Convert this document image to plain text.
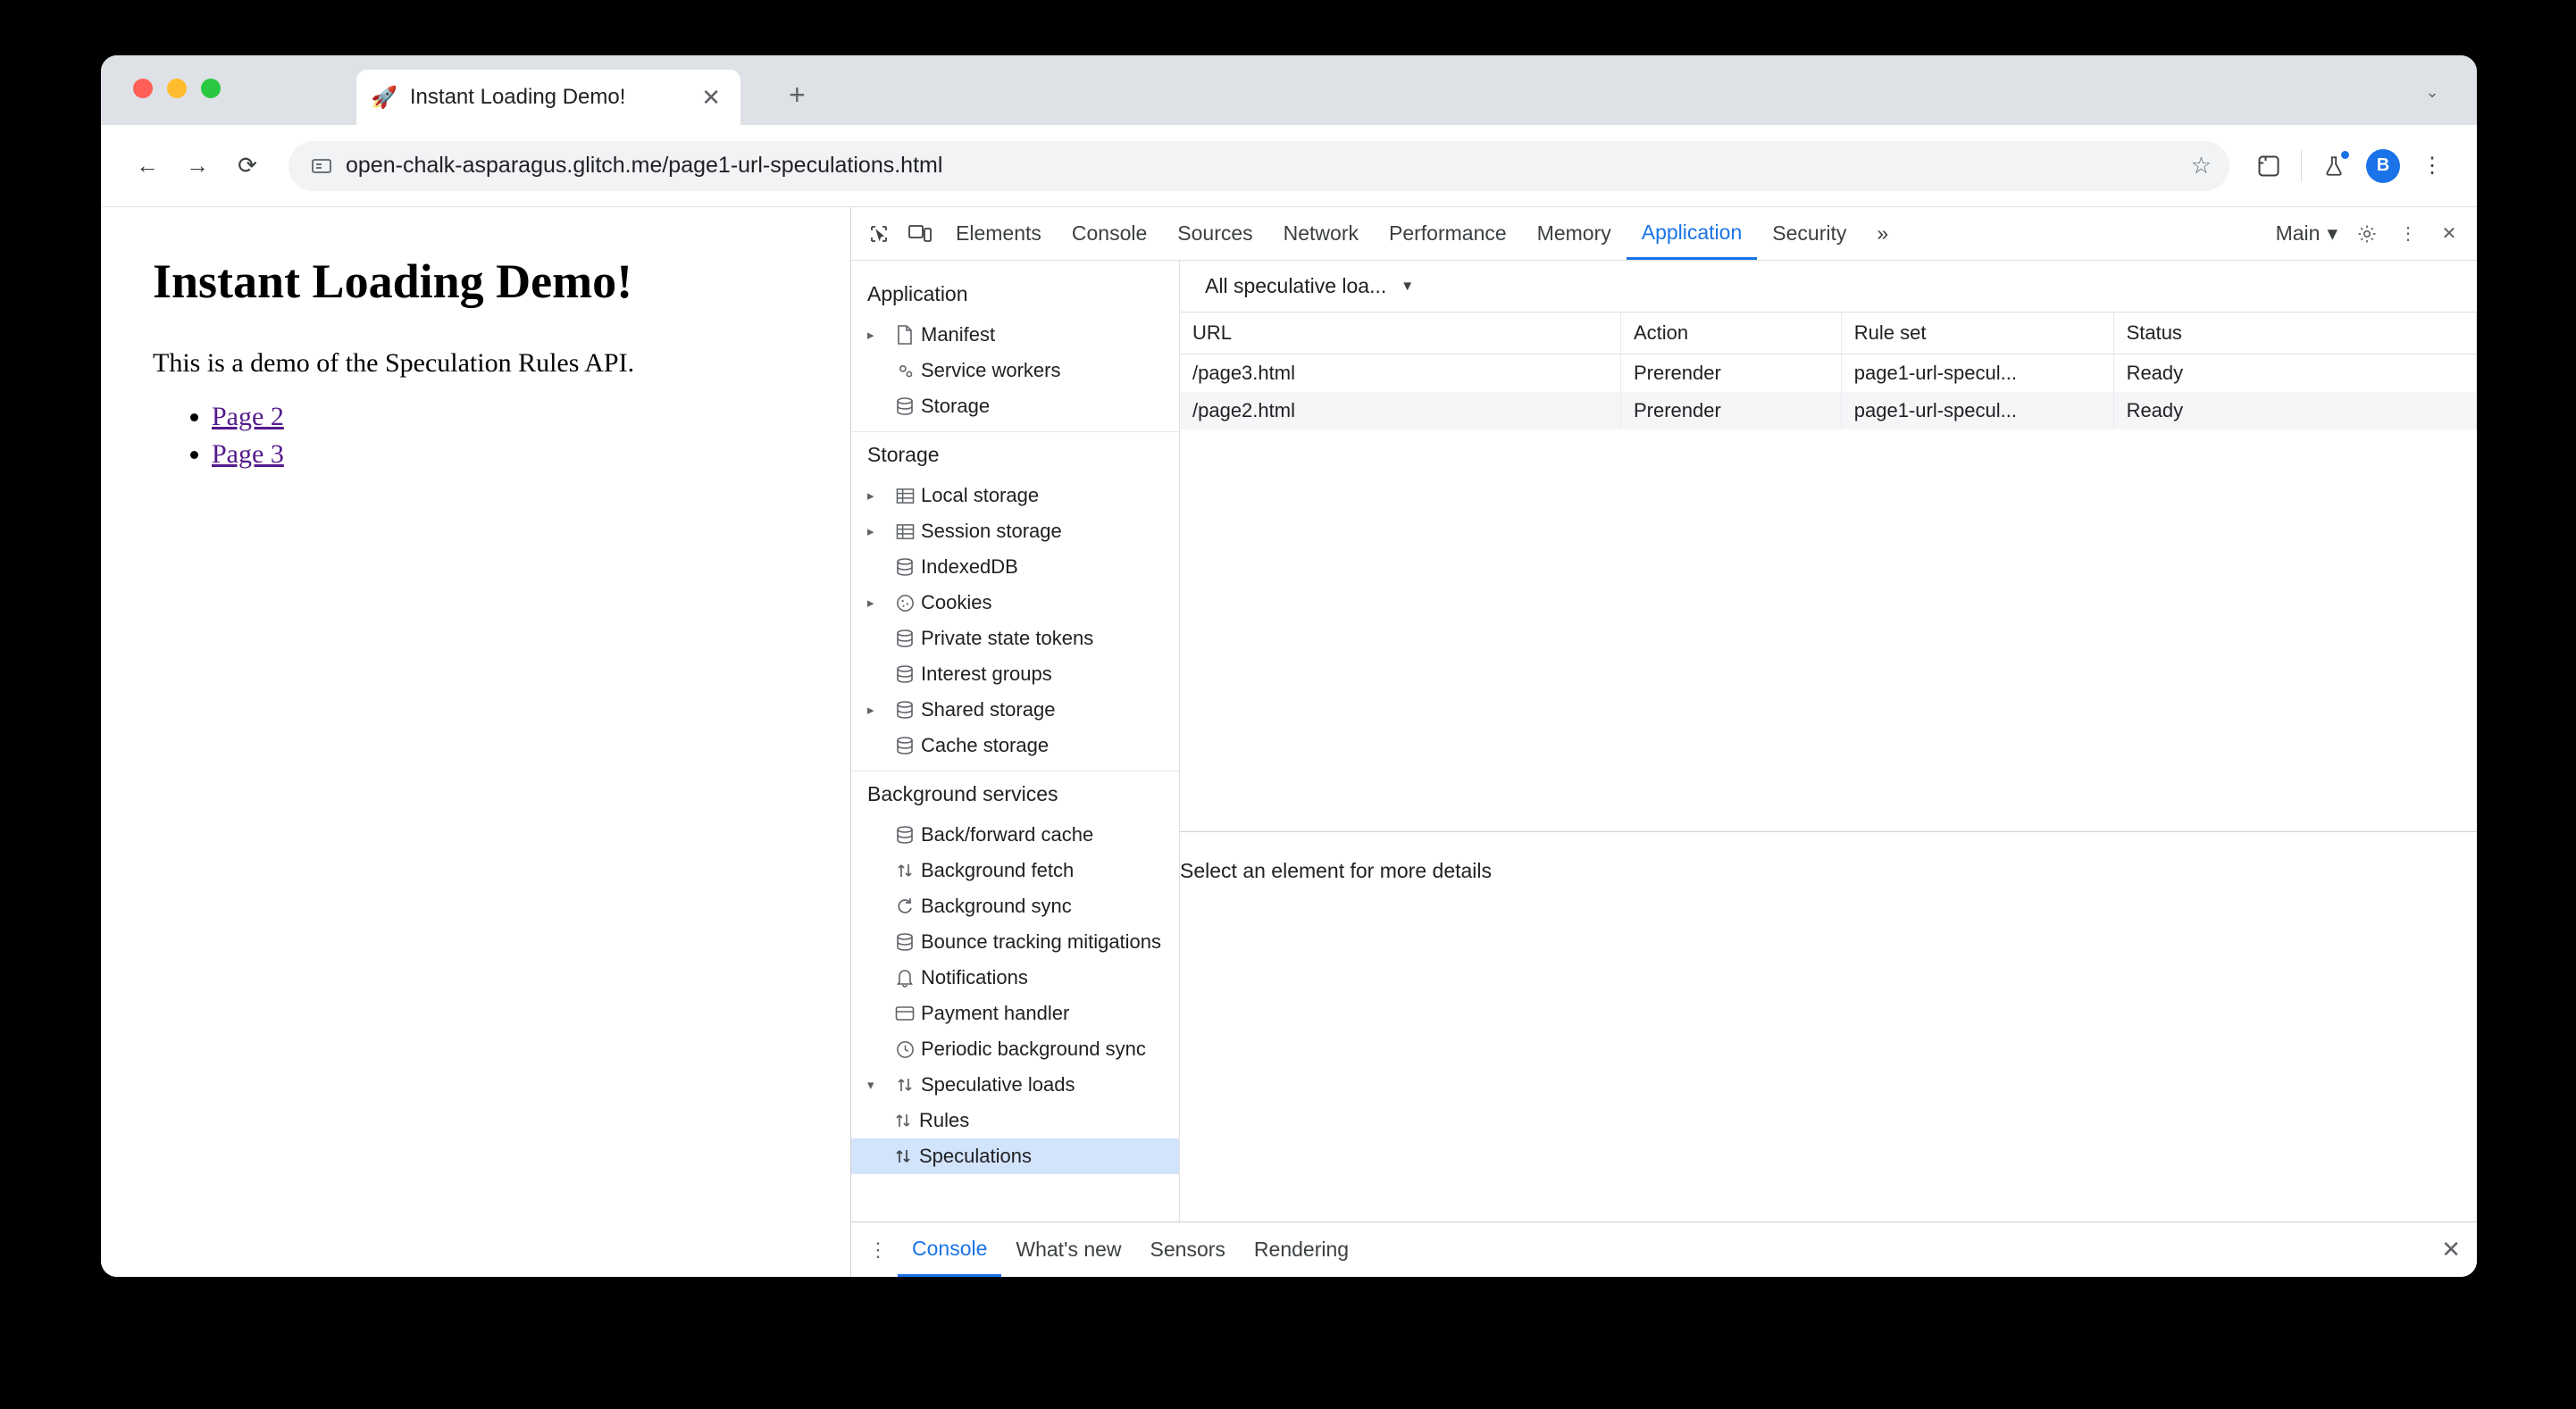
🚀 Instant Loading Demo!	✕ +	⌄
←	→	⟳	open-chalk-asparagus.glitch.me/page1-url-speculations.html	☆	B	⋮
Instant Loading Demo!

This is a demo of the Speculation Rules API.

• Page 2
• Page 3
Elements	Console	Sources	Network	Performance	Memory	Application	Security	»	Main ▾	⋮	✕
Application
▸	Manifest
Service workers
Storage
Storage
▸	Local storage
▸	Session storage
IndexedDB
▸	Cookies
Private state tokens
Interest groups
▸	Shared storage
Cache storage
Background services
Back/forward cache
Background fetch
Background sync
Bounce tracking mitigations
Notifications
Payment handler
Periodic background sync
▾	Speculative loads
Rules
Speculations
All speculative loa... ▼
URL	Action	Rule set	Status
/page3.html	Prerender	page1-url-specul...	Ready
/page2.html	Prerender	page1-url-specul...	Ready
Select an element for more details
⋮	Console	What's new	Sensors	Rendering	✕
